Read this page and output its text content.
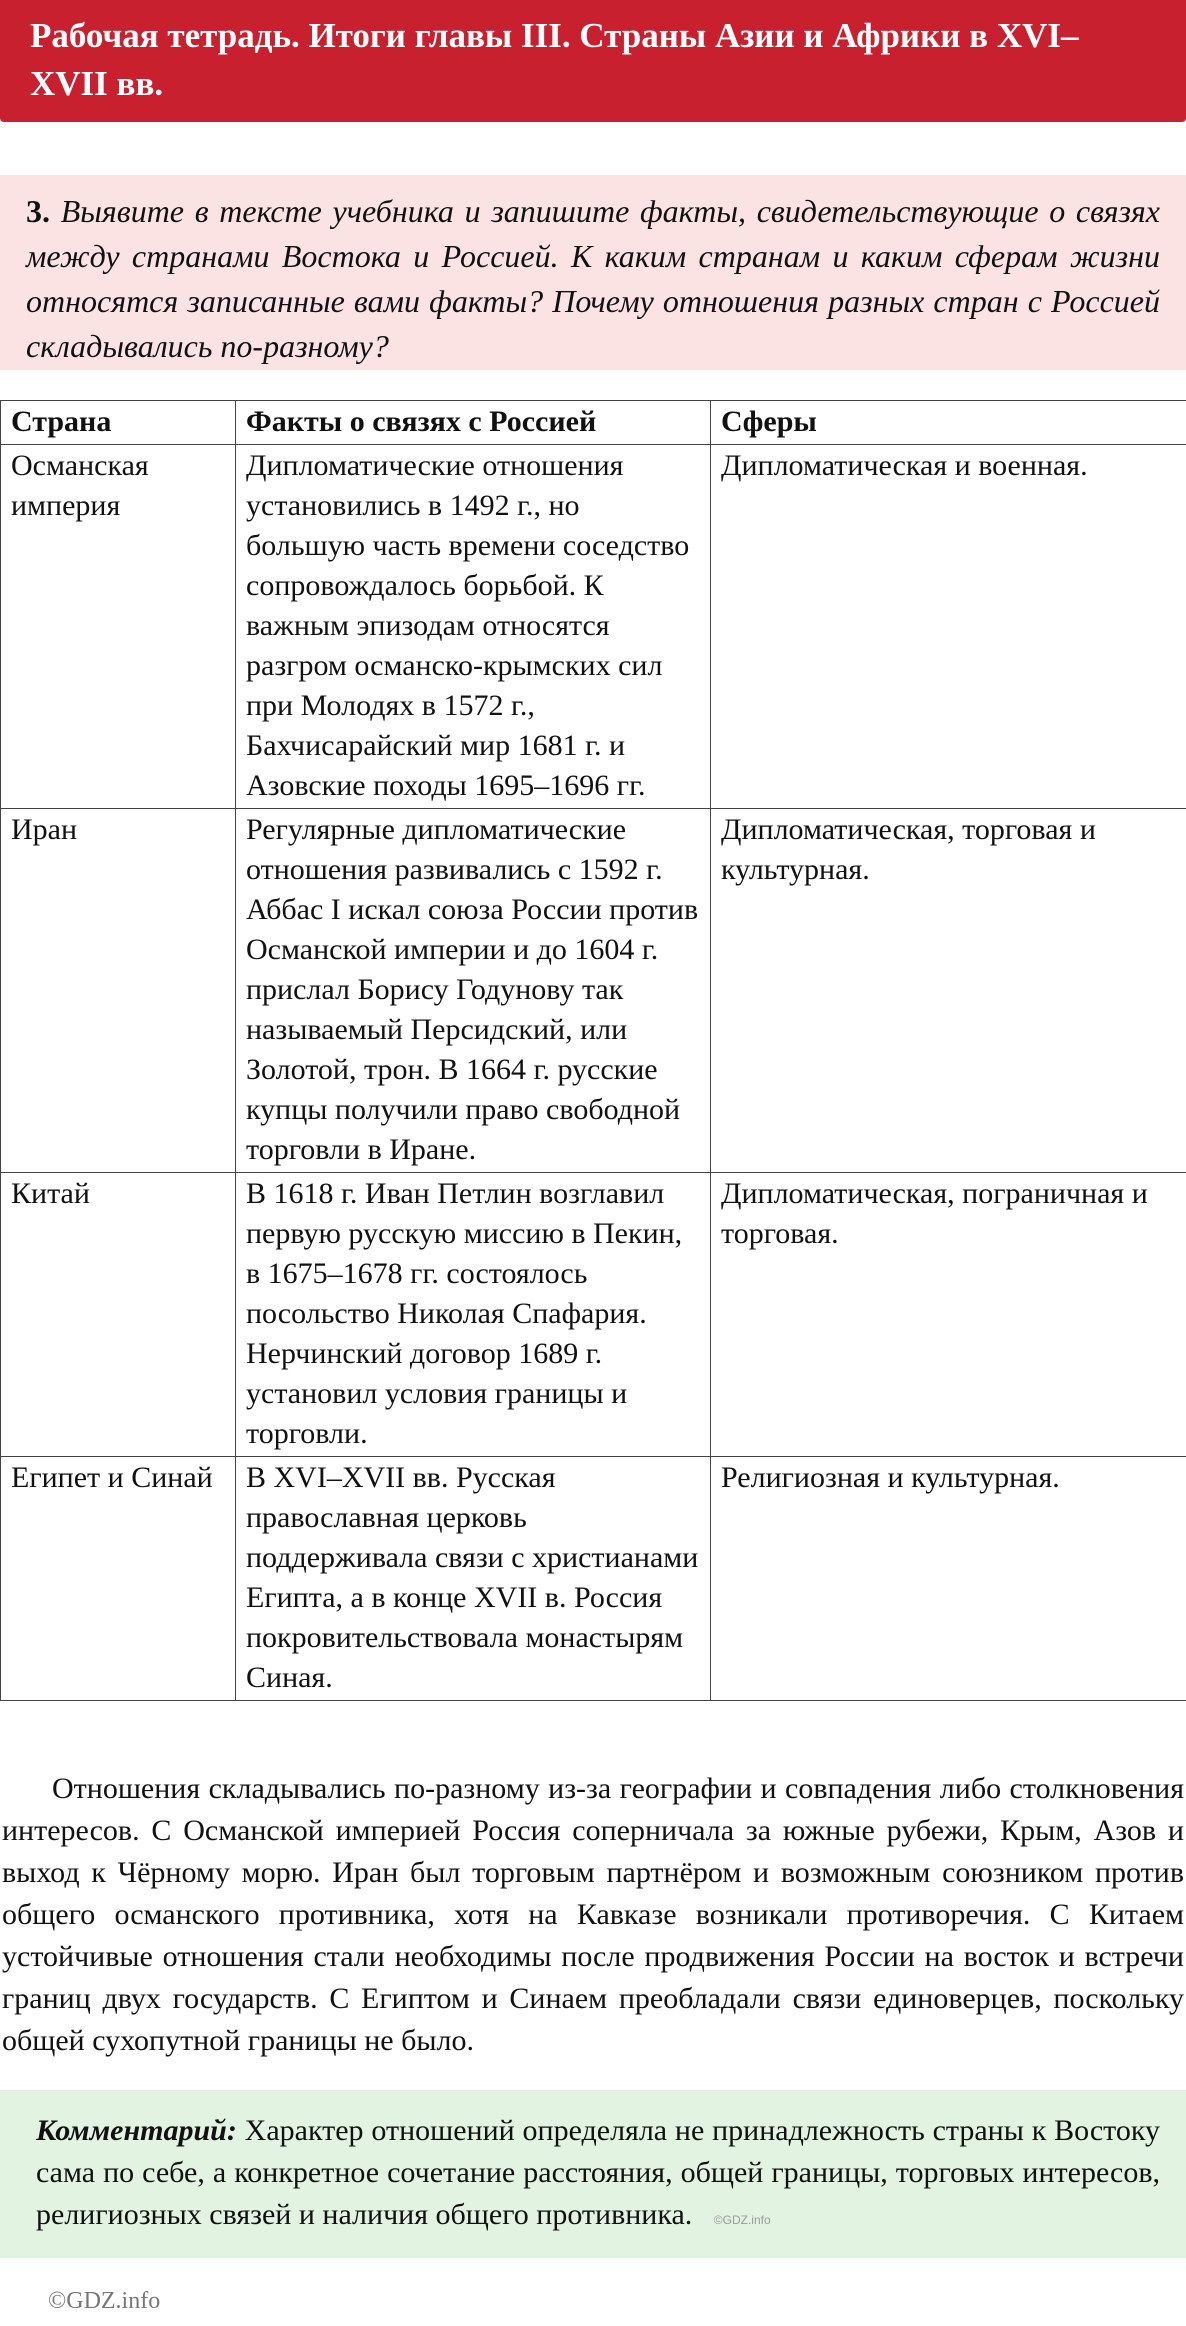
Рабочая тетрадь. Итоги главы III. Страны Азии и Африки в XVI–XVII вв.
3. Выявите в тексте учебника и запишите факты, свидетельствующие о связях между странами Востока и Россией. К каким странам и каким сферам жизни относятся записанные вами факты? Почему отношения разных стран с Россией складывались по-разному?
Страна	Факты о связях с Россией	Сферы
Османская империя	Дипломатические отношения установились в 1492 г., но большую часть времени соседство сопровождалось борьбой. К важным эпизодам относятся разгром османско-крымских сил при Молодях в 1572 г., Бахчисарайский мир 1681 г. и Азовские походы 1695–1696 гг.	Дипломатическая и военная.
Иран	Регулярные дипломатические отношения развивались с 1592 г. Аббас I искал союза России против Османской империи и до 1604 г. прислал Борису Годунову так называемый Персидский, или Золотой, трон. В 1664 г. русские купцы получили право свободной торговли в Иране.	Дипломатическая, торговая и культурная.
Китай	В 1618 г. Иван Петлин возглавил первую русскую миссию в Пекин, в 1675–1678 гг. состоялось посольство Николая Спафария. Нерчинский договор 1689 г. установил условия границы и торговли.	Дипломатическая, пограничная и торговая.
Египет и Синай	В XVI–XVII вв. Русская православная церковь поддерживала связи с христианами Египта, а в конце XVII в. Россия покровительствовала монастырям Синая.	Религиозная и культурная.

Отношения складывались по-разному из-за географии и совпадения либо столкновения интересов. С Османской империей Россия соперничала за южные рубежи, Крым, Азов и выход к Чёрному морю. Иран был торговым партнёром и возможным союзником против общего османского противника, хотя на Кавказе возникали противоречия. С Китаем устойчивые отношения стали необходимы после продвижения России на восток и встречи границ двух государств. С Египтом и Синаем преобладали связи единоверцев, поскольку общей сухопутной границы не было.

Комментарий: Характер отношений определяла не принадлежность страны к Востоку сама по себе, а конкретное сочетание расстояния, общей границы, торговых интересов, религиозных связей и наличия общего противника. ©GDZ.info
©GDZ.info
